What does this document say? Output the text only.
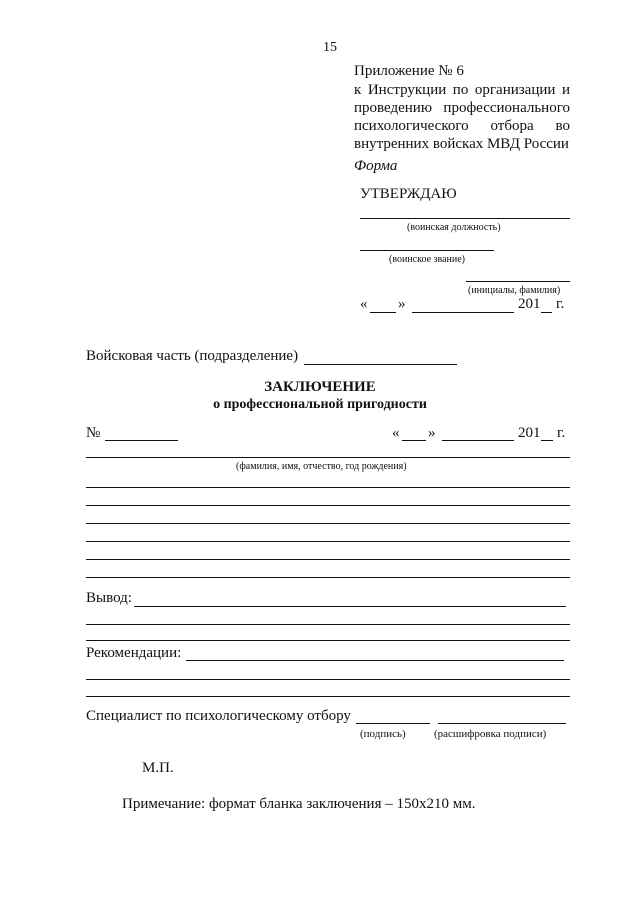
15
Приложение № 6
к Инструкции по организации и
проведению профессионального
психологического отбора во
внутренних войсках МВД России
Форма
УТВЕРЖДАЮ
(воинская должность)
(воинское звание)
(инициалы, фамилия)
« »	201 г.
Войсковая часть (подразделение)
ЗАКЛЮЧЕНИЕ
о профессиональной пригодности
№	« »	201 г.
(фамилия, имя, отчество, год рождения)
Вывод:
Рекомендации:
Специалист по психологическому отбору
(подпись)	(расшифровка подписи)
М.П.
Примечание: формат бланка заключения – 150x210 мм.
